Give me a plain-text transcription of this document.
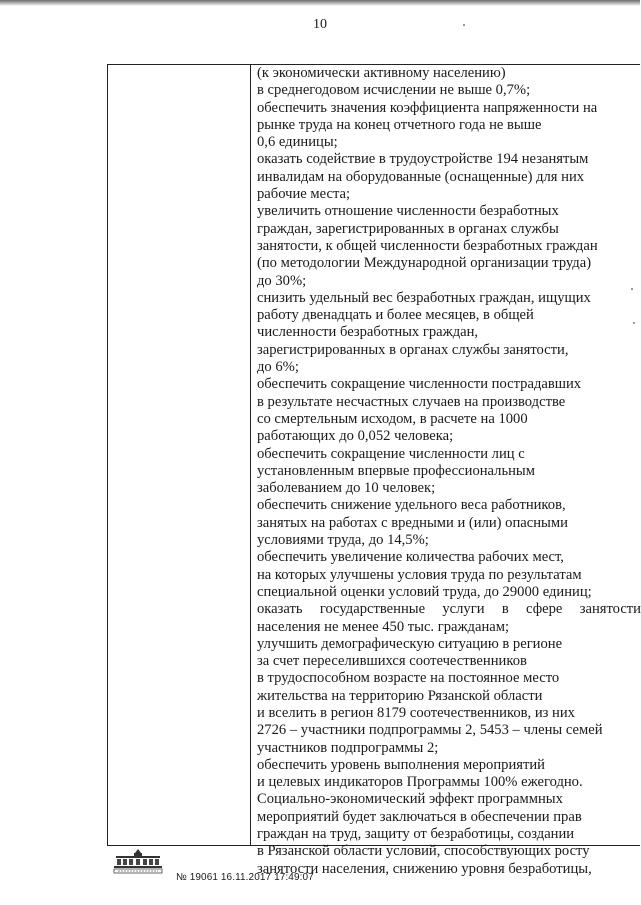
10
(к экономически активному населению)
в среднегодовом исчислении не выше 0,7%;
обеспечить значения коэффициента напряженности на
рынке труда на конец отчетного года не выше
0,6 единицы;
оказать содействие в трудоустройстве 194 незанятым
инвалидам на оборудованные (оснащенные) для них
рабочие места;
увеличить отношение численности безработных
граждан, зарегистрированных в органах службы
занятости, к общей численности безработных граждан
(по методологии Международной организации труда)
до 30%;
снизить удельный вес безработных граждан, ищущих
работу двенадцать и более месяцев, в общей
численности безработных граждан,
зарегистрированных в органах службы занятости,
до 6%;
обеспечить сокращение численности пострадавших
в результате несчастных случаев на производстве
со смертельным исходом, в расчете на 1000
работающих до 0,052 человека;
обеспечить сокращение численности лиц с
установленным впервые профессиональным
заболеванием до 10 человек;
обеспечить снижение удельного веса работников,
занятых на работах с вредными и (или) опасными
условиями труда, до 14,5%;
обеспечить увеличение количества рабочих мест,
на которых улучшены условия труда по результатам
специальной оценки условий труда, до 29000 единиц;
оказать государственные услуги в сфере занятости
населения не менее 450 тыс. гражданам;
улучшить демографическую ситуацию в регионе
за счет переселившихся соотечественников
в трудоспособном возрасте на постоянное место
жительства на территорию Рязанской области
и вселить в регион 8179 соотечественников, из них
2726 – участники подпрограммы 2, 5453 – члены семей
участников подпрограммы 2;
обеспечить уровень выполнения мероприятий
и целевых индикаторов Программы 100% ежегодно.
Социально-экономический эффект программных
мероприятий будет заключаться в обеспечении прав
граждан на труд, защиту от безработицы, создании
в Рязанской области условий, способствующих росту
занятости населения, снижению уровня безработицы,
№ 19061 16.11.2017 17:49:07
